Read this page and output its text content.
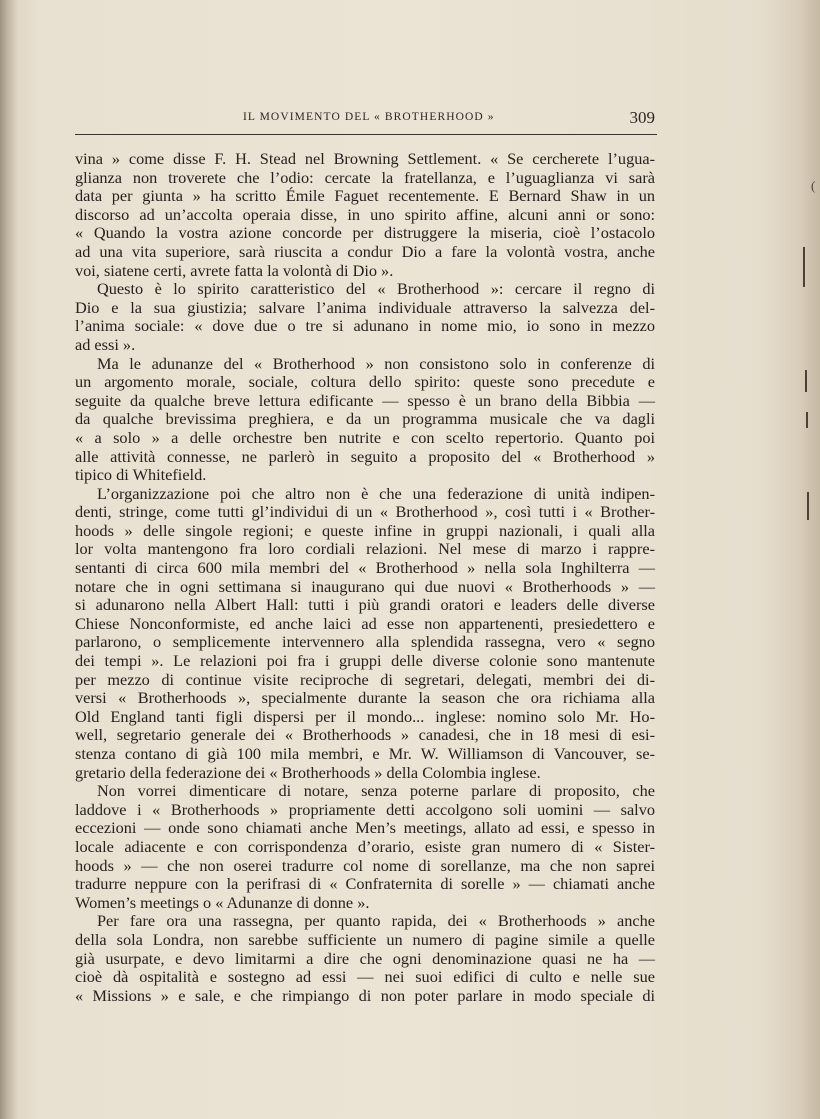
IL MOVIMENTO DEL « BROTHERHOOD »	309
vina » come disse F. H. Stead nel Browning Settlement. « Se cercherete l’ugua-
glianza non troverete che l’odio: cercate la fratellanza, e l’uguaglianza vi sarà
data per giunta » ha scritto Émile Faguet recentemente. E Bernard Shaw in un
discorso ad un’accolta operaia disse, in uno spirito affine, alcuni anni or sono:
« Quando la vostra azione concorde per distruggere la miseria, cioè l’ostacolo
ad una vita superiore, sarà riuscita a condur Dio a fare la volontà vostra, anche
voi, siatene certi, avrete fatta la volontà di Dio ».
Questo è lo spirito caratteristico del « Brotherhood »: cercare il regno di
Dio e la sua giustizia; salvare l’anima individuale attraverso la salvezza del-
l’anima sociale: « dove due o tre si adunano in nome mio, io sono in mezzo
ad essi ».
Ma le adunanze del « Brotherhood » non consistono solo in conferenze di
un argomento morale, sociale, coltura dello spirito: queste sono precedute e
seguite da qualche breve lettura edificante — spesso è un brano della Bibbia —
da qualche brevissima preghiera, e da un programma musicale che va dagli
« a solo » a delle orchestre ben nutrite e con scelto repertorio. Quanto poi
alle attività connesse, ne parlerò in seguito a proposito del « Brotherhood »
tipico di Whitefield.
L’organizzazione poi che altro non è che una federazione di unità indipen-
denti, stringe, come tutti gl’individui di un « Brotherhood », così tutti i « Brother-
hoods » delle singole regioni; e queste infine in gruppi nazionali, i quali alla
lor volta mantengono fra loro cordiali relazioni. Nel mese di marzo i rappre-
sentanti di circa 600 mila membri del « Brotherhood » nella sola Inghilterra —
notare che in ogni settimana si inaugurano qui due nuovi « Brotherhoods » —
si adunarono nella Albert Hall: tutti i più grandi oratori e leaders delle diverse
Chiese Nonconformiste, ed anche laici ad esse non appartenenti, presiedettero e
parlarono, o semplicemente intervennero alla splendida rassegna, vero « segno
dei tempi ». Le relazioni poi fra i gruppi delle diverse colonie sono mantenute
per mezzo di continue visite reciproche di segretari, delegati, membri dei di-
versi « Brotherhoods », specialmente durante la season che ora richiama alla
Old England tanti figli dispersi per il mondo... inglese: nomino solo Mr. Ho-
well, segretario generale dei « Brotherhoods » canadesi, che in 18 mesi di esi-
stenza contano di già 100 mila membri, e Mr. W. Williamson di Vancouver, se-
gretario della federazione dei « Brotherhoods » della Colombia inglese.
Non vorrei dimenticare di notare, senza poterne parlare di proposito, che
laddove i « Brotherhoods » propriamente detti accolgono soli uomini — salvo
eccezioni — onde sono chiamati anche Men’s meetings, allato ad essi, e spesso in
locale adiacente e con corrispondenza d’orario, esiste gran numero di « Sister-
hoods » — che non oserei tradurre col nome di sorellanze, ma che non saprei
tradurre neppure con la perifrasi di « Confraternita di sorelle » — chiamati anche
Women’s meetings o « Adunanze di donne ».
Per fare ora una rassegna, per quanto rapida, dei « Brotherhoods » anche
della sola Londra, non sarebbe sufficiente un numero di pagine simile a quelle
già usurpate, e devo limitarmi a dire che ogni denominazione quasi ne ha —
cioè dà ospitalità e sostegno ad essi — nei suoi edifici di culto e nelle sue
« Missions » e sale, e che rimpiango di non poter parlare in modo speciale di
(
